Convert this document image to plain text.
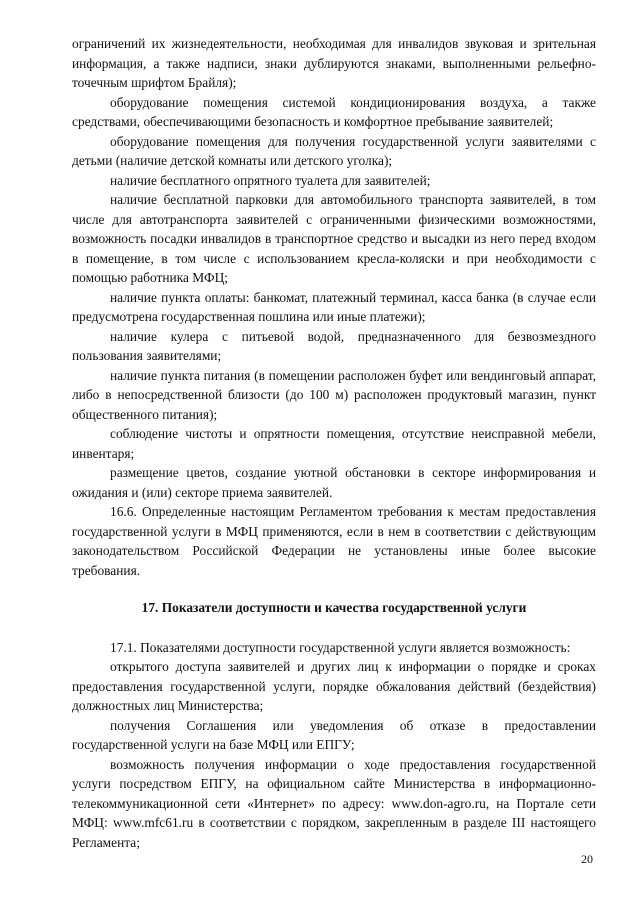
ограничений их жизнедеятельности, необходимая для инвалидов звуковая и зрительная информация, а также надписи, знаки дублируются знаками, выполненными рельефно-точечным шрифтом Брайля);

оборудование помещения системой кондиционирования воздуха, а также средствами, обеспечивающими безопасность и комфортное пребывание заявителей;

оборудование помещения для получения государственной услуги заявителями с детьми (наличие детской комнаты или детского уголка);

наличие бесплатного опрятного туалета для заявителей;

наличие бесплатной парковки для автомобильного транспорта заявителей, в том числе для автотранспорта заявителей с ограниченными физическими возможностями, возможность посадки инвалидов в транспортное средство и высадки из него перед входом в помещение, в том числе с использованием кресла-коляски и при необходимости с помощью работника МФЦ;

наличие пункта оплаты: банкомат, платежный терминал, касса банка (в случае если предусмотрена государственная пошлина или иные платежи);

наличие кулера с питьевой водой, предназначенного для безвозмездного пользования заявителями;

наличие пункта питания (в помещении расположен буфет или вендинговый аппарат, либо в непосредственной близости (до 100 м) расположен продуктовый магазин, пункт общественного питания);

соблюдение чистоты и опрятности помещения, отсутствие неисправной мебели, инвентаря;

размещение цветов, создание уютной обстановки в секторе информирования и ожидания и (или) секторе приема заявителей.

16.6. Определенные настоящим Регламентом требования к местам предоставления государственной услуги в МФЦ применяются, если в нем в соответствии с действующим законодательством Российской Федерации не установлены иные более высокие требования.

17. Показатели доступности и качества государственной услуги

17.1. Показателями доступности государственной услуги является возможность:

открытого доступа заявителей и других лиц к информации о порядке и сроках предоставления государственной услуги, порядке обжалования действий (бездействия) должностных лиц Министерства;

получения Соглашения или уведомления об отказе в предоставлении государственной услуги на базе МФЦ или ЕПГУ;

возможность получения информации о ходе предоставления государственной услуги посредством ЕПГУ, на официальном сайте Министерства в информационно-телекоммуникационной сети «Интернет» по адресу: www.don-agro.ru, на Портале сети МФЦ: www.mfc61.ru в соответствии с порядком, закрепленным в разделе III настоящего Регламента;

20
